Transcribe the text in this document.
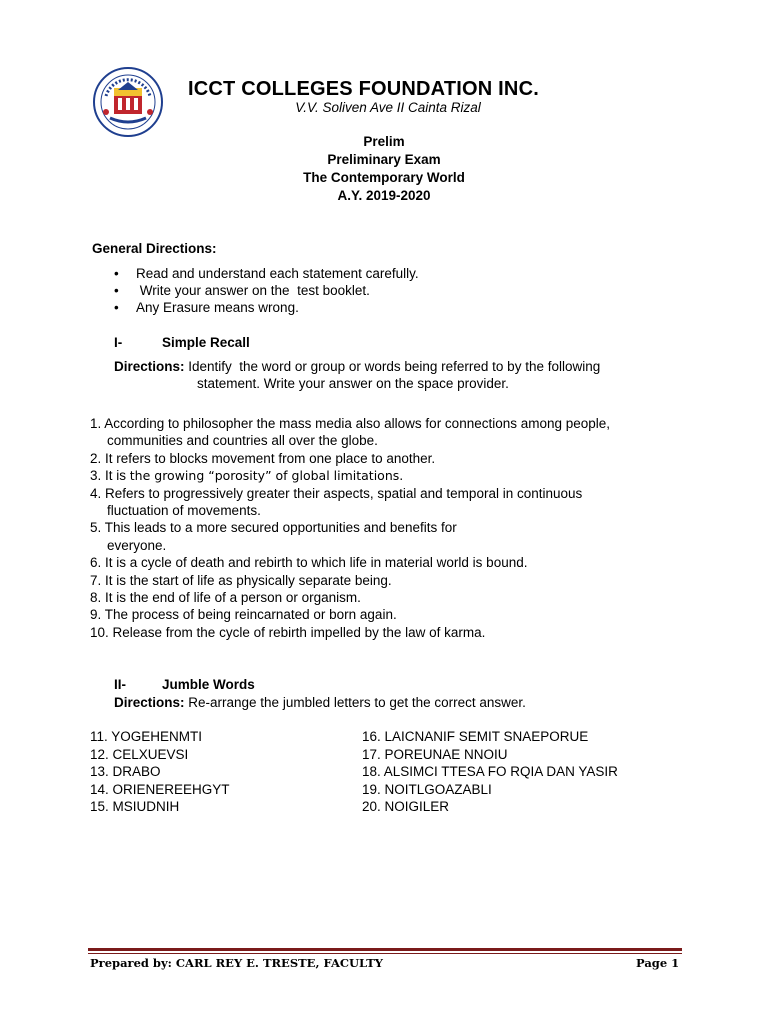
ICCT COLLEGES FOUNDATION INC.
V.V. Soliven Ave II Cainta Rizal
Prelim
Preliminary Exam
The Contemporary World
A.Y. 2019-2020
General Directions:
• Read and understand each statement carefully.
• Write your answer on the  test booklet.
• Any Erasure means wrong.
I-	Simple Recall
Directions: Identify  the word or group or words being referred to by the following
statement. Write your answer on the space provider.
1. According to philosopher the mass media also allows for connections among people,
communities and countries all over the globe.
2. It refers to blocks movement from one place to another.
3. It is the growing “porosity” of global limitations.
4. Refers to progressively greater their aspects, spatial and temporal in continuous
fluctuation of movements.
5. This leads to a more secured opportunities and benefits for
everyone.
6. It is a cycle of death and rebirth to which life in material world is bound.
7. It is the start of life as physically separate being.
8. It is the end of life of a person or organism.
9. The process of being reincarnated or born again.
10. Release from the cycle of rebirth impelled by the law of karma.
II-	Jumble Words
Directions: Re-arrange the jumbled letters to get the correct answer.
11. YOGEHENMTI
12. CELXUEVSI
13. DRABO
14. ORIENEREEHGYT
15. MSIUDNIH
16. LAICNANIF SEMIT SNAEPORUE
17. POREUNAE NNOIU
18. ALSIMCI TTESA FO RQIA DAN YASIR
19. NOITLGOAZABLI
20. NOIGILER
Prepared by: CARL REY E. TRESTE, FACULTY	Page 1
